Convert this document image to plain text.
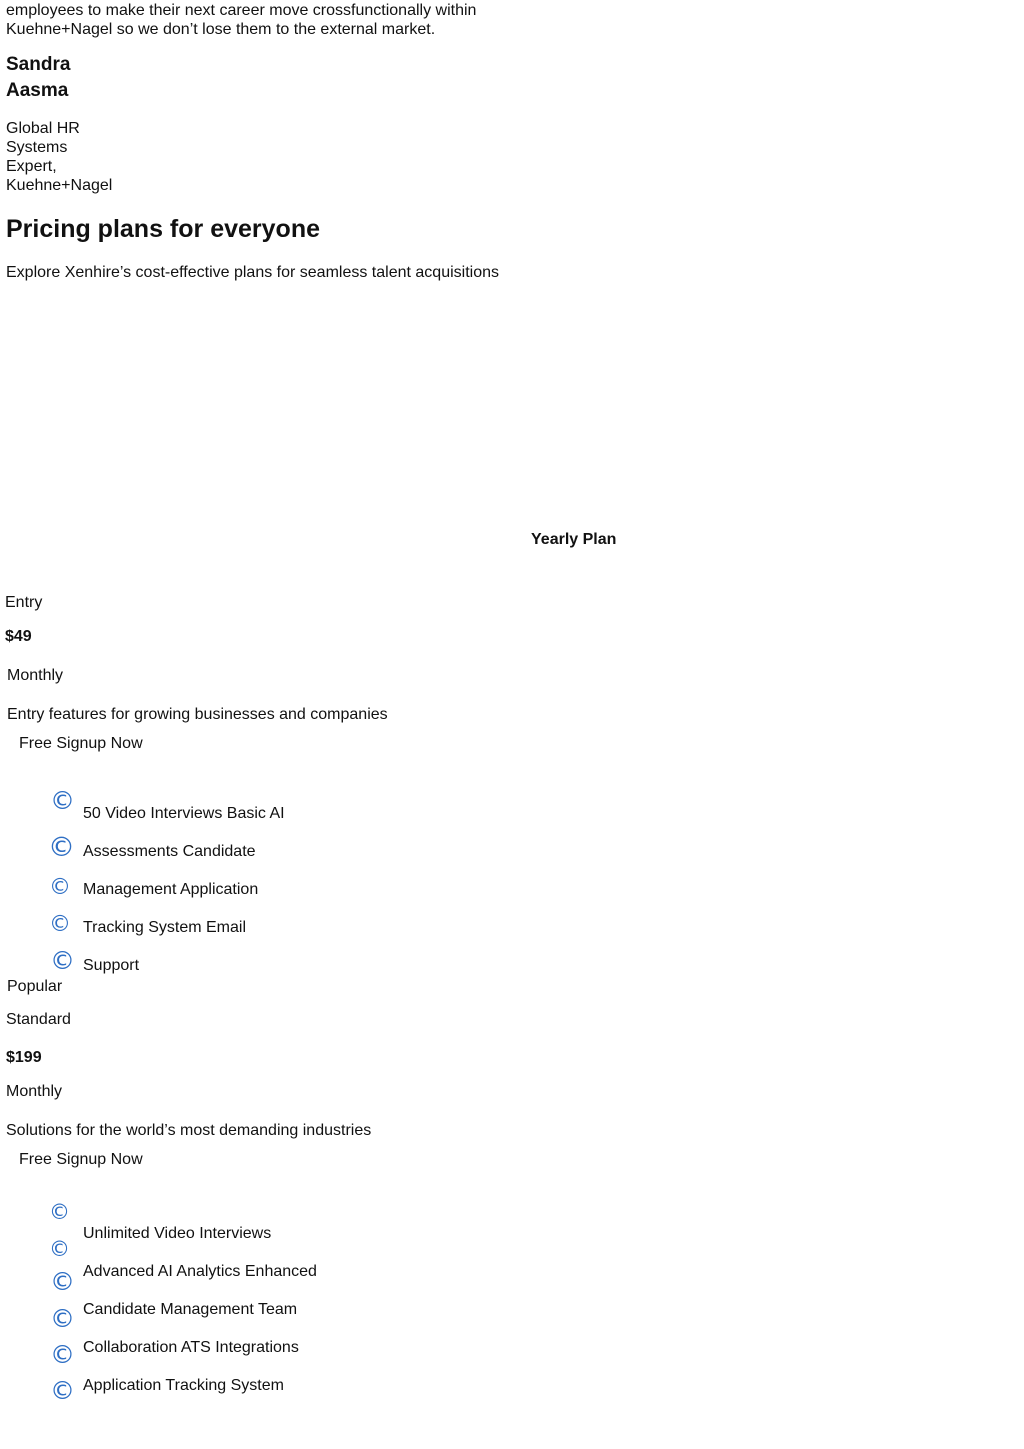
employees to make their next career move crossfunctionally within
Kuehne+Nagel so we don’t lose them to the external market.
Sandra
Aasma
Global HR
Systems
Expert,
Kuehne+Nagel
Pricing plans for everyone
Explore Xenhire’s cost-effective plans for seamless talent acquisitions
Yearly Plan
Entry
$49
Monthly
Entry features for growing businesses and companies
Free Signup Now
©
©
©
©
©
50 Video Interviews Basic AI
Assessments Candidate
Management Application
Tracking System Email
Support
Popular
Standard
$199
Monthly
Solutions for the world’s most demanding industries
Free Signup Now
©
©
©
©
©
©
Unlimited Video Interviews
Advanced AI Analytics Enhanced
Candidate Management Team
Collaboration ATS Integrations
Application Tracking System
